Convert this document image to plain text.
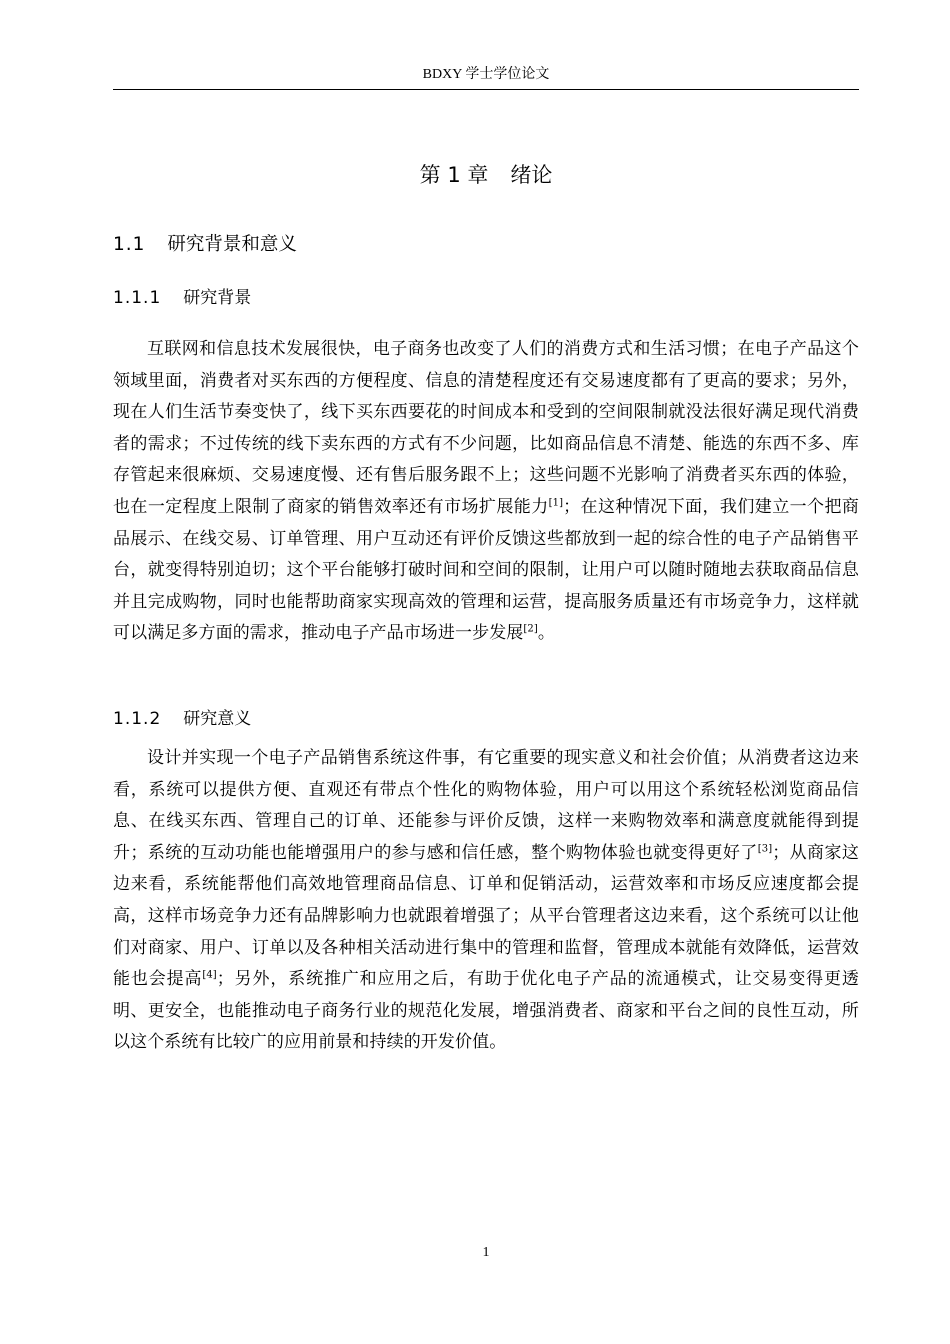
BDXY 学士学位论文
第 1 章 绪论
1.1 研究背景和意义
1.1.1 研究背景

互联网和信息技术发展很快，电子商务也改变了人们的消费方式和生活习惯；在电子产品这个领域里面，消费者对买东西的方便程度、信息的清楚程度还有交易速度都有了更高的要求；另外，现在人们生活节奏变快了，线下买东西要花的时间成本和受到的空间限制就没法很好满足现代消费者的需求；不过传统的线下卖东西的方式有不少问题，比如商品信息不清楚、能选的东西不多、库存管起来很麻烦、交易速度慢、还有售后服务跟不上；这些问题不光影响了消费者买东西的体验，也在一定程度上限制了商家的销售效率还有市场扩展能力[1]；在这种情况下面，我们建立一个把商品展示、在线交易、订单管理、用户互动还有评价反馈这些都放到一起的综合性的电子产品销售平台，就变得特别迫切；这个平台能够打破时间和空间的限制，让用户可以随时随地去获取商品信息并且完成购物，同时也能帮助商家实现高效的管理和运营，提高服务质量还有市场竞争力，这样就可以满足多方面的需求，推动电子产品市场进一步发展[2]。

1.1.2 研究意义

设计并实现一个电子产品销售系统这件事，有它重要的现实意义和社会价值；从消费者这边来看，系统可以提供方便、直观还有带点个性化的购物体验，用户可以用这个系统轻松浏览商品信息、在线买东西、管理自己的订单、还能参与评价反馈，这样一来购物效率和满意度就能得到提升；系统的互动功能也能增强用户的参与感和信任感，整个购物体验也就变得更好了[3]；从商家这边来看，系统能帮他们高效地管理商品信息、订单和促销活动，运营效率和市场反应速度都会提高，这样市场竞争力还有品牌影响力也就跟着增强了；从平台管理者这边来看，这个系统可以让他们对商家、用户、订单以及各种相关活动进行集中的管理和监督，管理成本就能有效降低，运营效能也会提高[4]；另外，系统推广和应用之后，有助于优化电子产品的流通模式，让交易变得更透明、更安全，也能推动电子商务行业的规范化发展，增强消费者、商家和平台之间的良性互动，所以这个系统有比较广的应用前景和持续的开发价值。

1
